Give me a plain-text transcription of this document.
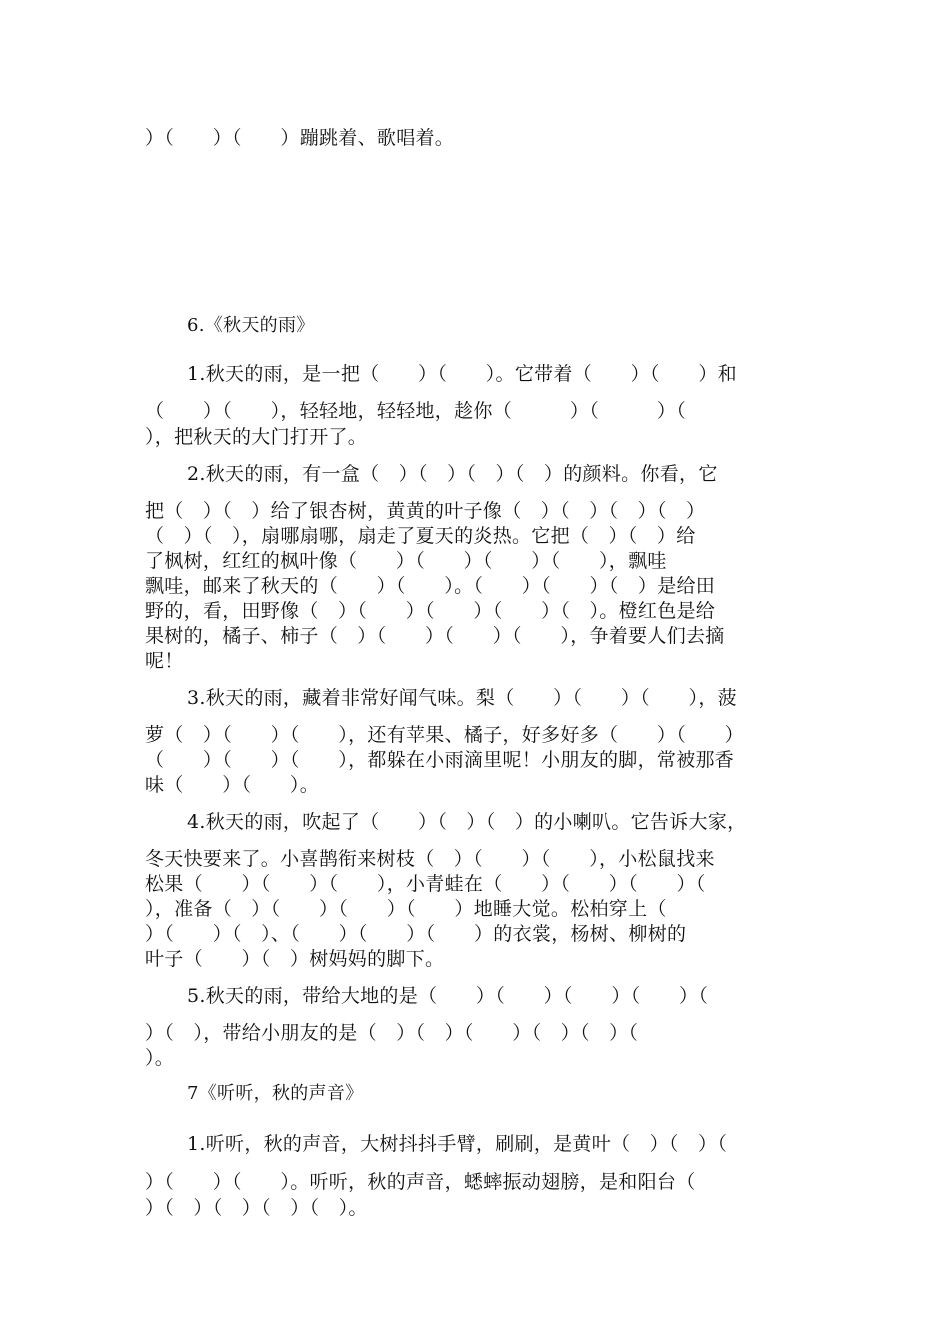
）（　　）（　　）蹦跳着、歌唱着。
6.《秋天的雨》
1.秋天的雨，是一把（　　）（　　）。它带着（　　）（　　）和
（　　）（　　），轻轻地，轻轻地，趁你（　　　）（　　　）（
），把秋天的大门打开了。
2.秋天的雨，有一盒（　）（　）（　）（　）的颜料。你看，它
把（　）（　）给了银杏树，黄黄的叶子像（　）（　）（　）（　）
（　）（　），扇哪扇哪，扇走了夏天的炎热。它把（　）（　）给
了枫树，红红的枫叶像（　　）（　　）（　　）（　　），飘哇
飘哇，邮来了秋天的（　　）（　　）。（　　）（　　）（　）是给田
野的，看，田野像（　）（　　）（　　）（　　）（　）。橙红色是给
果树的，橘子、柿子（　）（　　）（　　）（　　），争着要人们去摘
呢！
3.秋天的雨，藏着非常好闻气味。梨（　　）（　　）（　　），菠
萝（　）（　　）（　　），还有苹果、橘子，好多好多（　　）（　　）
（　　）（　　）（　　），都躲在小雨滴里呢！小朋友的脚，常被那香
味（　　）（　　）。
4.秋天的雨，吹起了（　　）（　）（　）的小喇叭。它告诉大家，
冬天快要来了。小喜鹊衔来树枝（　）（　　）（　　），小松鼠找来
松果（　　）（　　）（　　），小青蛙在（　　）（　　）（　　）（
），准备（　）（　　）（　　）（　　）地睡大觉。松柏穿上（
）（　　）（　）、（　　）（　　）（　　）的衣裳，杨树、柳树的
叶子（　　）（　）树妈妈的脚下。
5.秋天的雨，带给大地的是（　　）（　　）（　　）（　　）（
）（　），带给小朋友的是（　）（　）（　　）（　）（　）（
）。
7《听听，秋的声音》
1.听听，秋的声音，大树抖抖手臂，刷刷，是黄叶（　）（　）（
）（　　）（　　）。听听，秋的声音，蟋蟀振动翅膀，是和阳台（
）（　）（　）（　）（　）。
